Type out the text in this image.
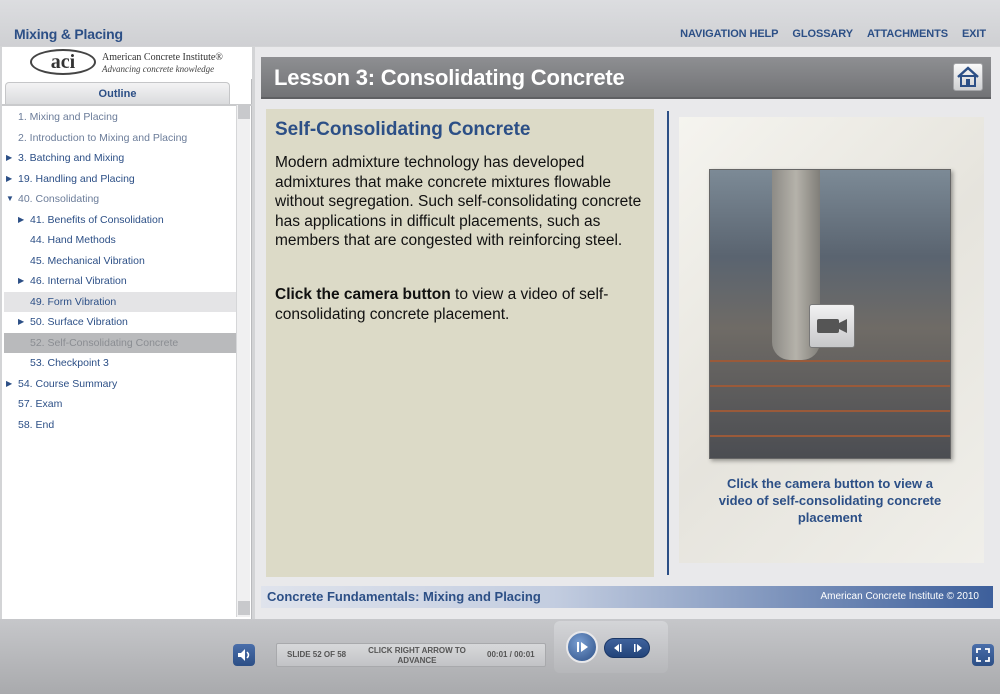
Mixing & Placing	NAVIGATION HELP GLOSSARY ATTACHMENTS EXIT
aci	American Concrete Institute®
Advancing concrete knowledge
Outline
1. Mixing and Placing
2. Introduction to Mixing and Placing
▶ 3. Batching and Mixing
▶ 19. Handling and Placing
▼ 40. Consolidating
▶ 41. Benefits of Consolidation
44. Hand Methods
45. Mechanical Vibration
▶ 46. Internal Vibration
49. Form Vibration
▶ 50. Surface Vibration
52. Self-Consolidating Concrete
53. Checkpoint 3
▶ 54. Course Summary
57. Exam
58. End
Lesson 3: Consolidating Concrete
Self-Consolidating Concrete

Modern admixture technology has developed admixtures that make concrete mixtures flowable without segregation. Such self-consolidating concrete has applications in difficult placements, such as members that are congested with reinforcing steel.

Click the camera button to view a video of self-consolidating concrete placement.

Click the camera button to view a video of self-consolidating concrete placement
Concrete Fundamentals: Mixing and Placing	American Concrete Institute © 2010
SLIDE 52 OF 58	CLICK RIGHT ARROW TO ADVANCE
00:01 / 00:01
